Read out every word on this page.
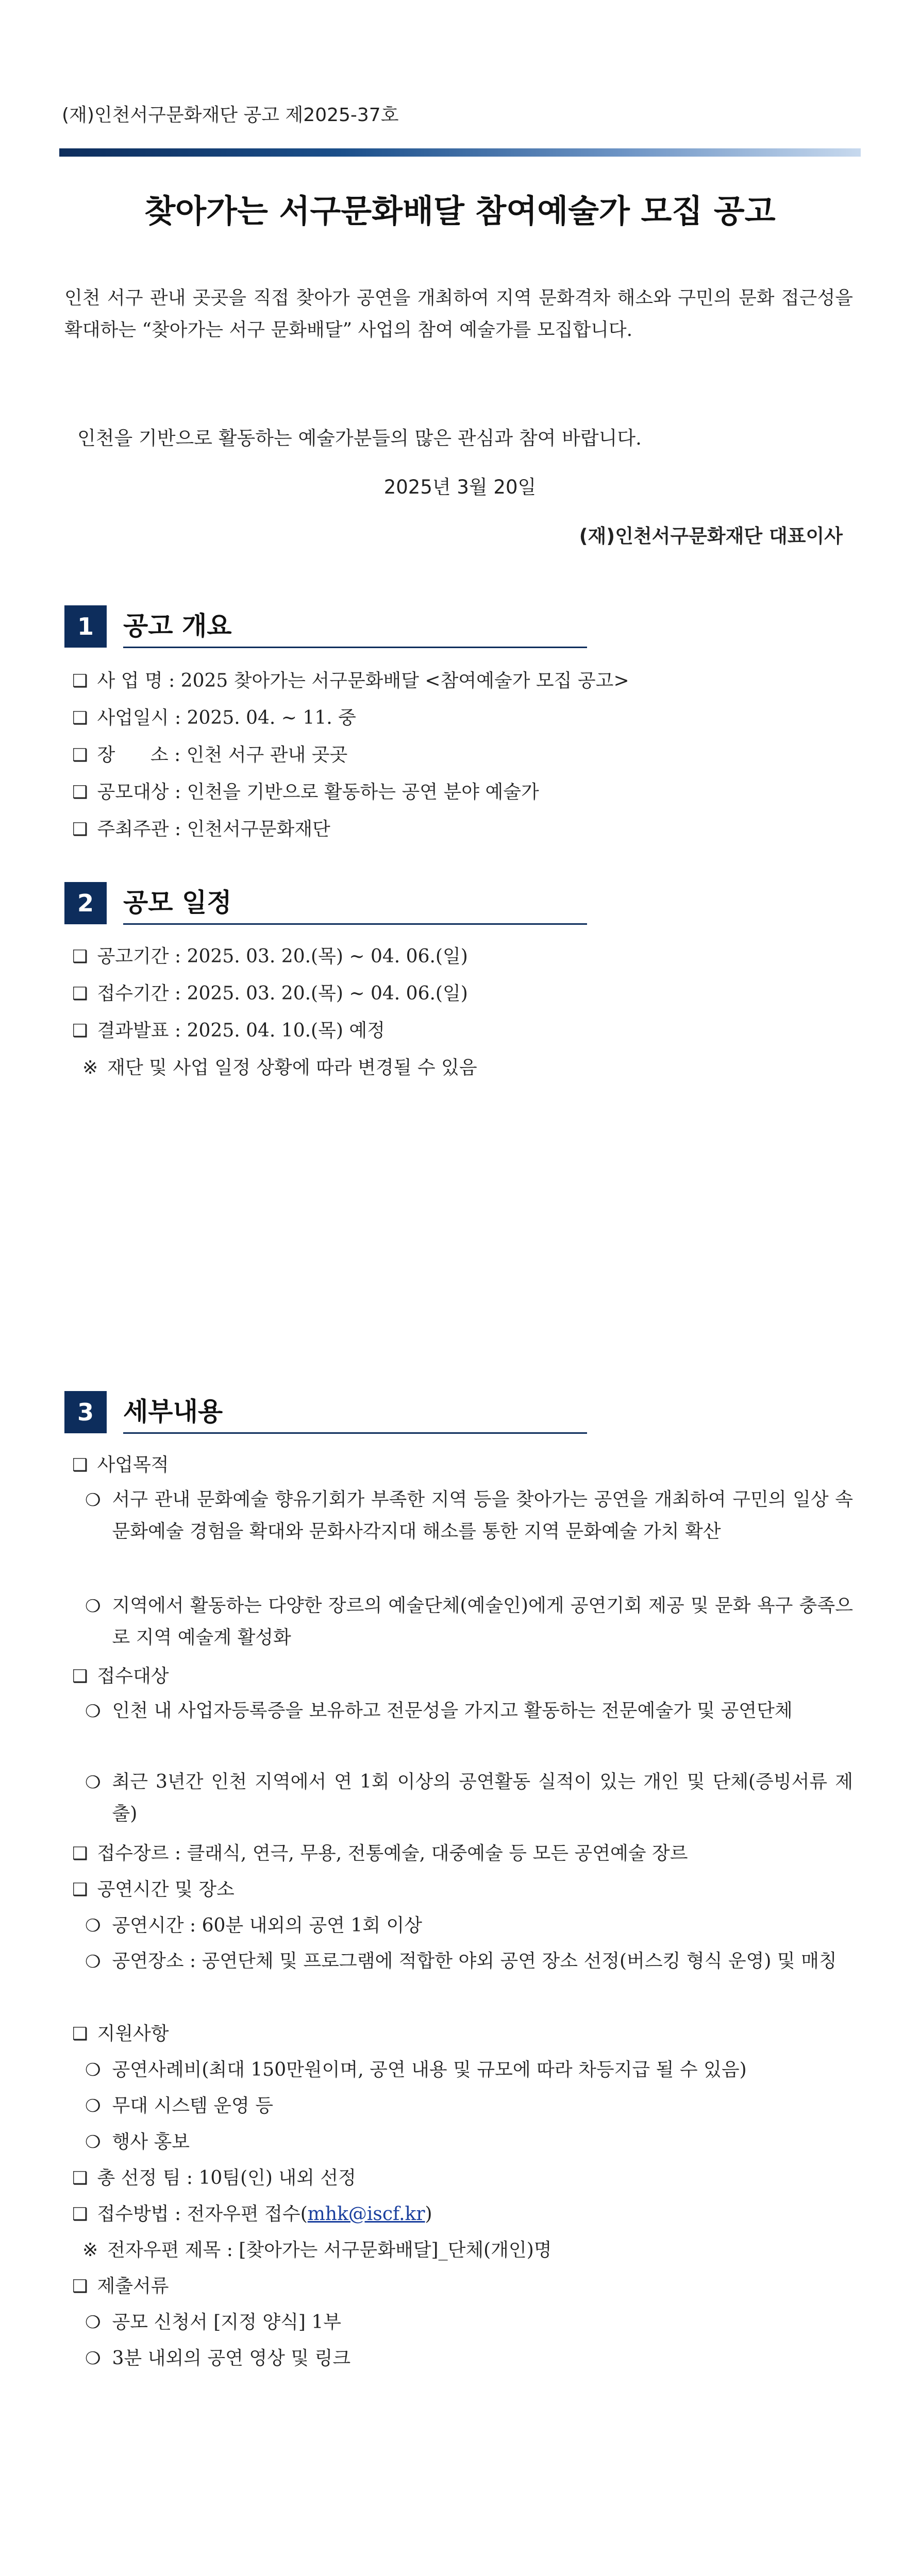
(재)인천서구문화재단 공고 제2025-37호
찾아가는 서구문화배달 참여예술가 모집 공고
인천 서구 관내 곳곳을 직접 찾아가 공연을 개최하여 지역 문화격차 해소와 구민의 문화 접근성을 확대하는 “찾아가는 서구 문화배달” 사업의 참여 예술가를 모집합니다.
인천을 기반으로 활동하는 예술가분들의 많은 관심과 참여 바랍니다.
2025년 3월 20일
(재)인천서구문화재단 대표이사
1	공고 개요
❑ 사 업 명 : 2025 찾아가는 서구문화배달 <참여예술가 모집 공고>
❑ 사업일시 : 2025. 04. ~ 11. 중
❑ 장      소 : 인천 서구 관내 곳곳
❑ 공모대상 : 인천을 기반으로 활동하는 공연 분야 예술가
❑ 주최주관 : 인천서구문화재단
2	공모 일정
❑ 공고기간 : 2025. 03. 20.(목) ~ 04. 06.(일)
❑ 접수기간 : 2025. 03. 20.(목) ~ 04. 06.(일)
❑ 결과발표 : 2025. 04. 10.(목) 예정
※ 재단 및 사업 일정 상황에 따라 변경될 수 있음
3	세부내용
❑ 사업목적
❍ 서구 관내 문화예술 향유기회가 부족한 지역 등을 찾아가는 공연을 개최하여 구민의 일상 속 문화예술 경험을 확대와 문화사각지대 해소를 통한 지역 문화예술 가치 확산
❍ 지역에서 활동하는 다양한 장르의 예술단체(예술인)에게 공연기회 제공 및 문화 욕구 충족으로 지역 예술계 활성화
❑ 접수대상
❍ 인천 내 사업자등록증을 보유하고 전문성을 가지고 활동하는 전문예술가 및 공연단체
❍ 최근 3년간 인천 지역에서 연 1회 이상의 공연활동 실적이 있는 개인 및 단체(증빙서류 제출)
❑ 접수장르 : 클래식, 연극, 무용, 전통예술, 대중예술 등 모든 공연예술 장르
❑ 공연시간 및 장소
❍ 공연시간 : 60분 내외의 공연 1회 이상
❍ 공연장소 : 공연단체 및 프로그램에 적합한 야외 공연 장소 선정(버스킹 형식 운영) 및 매칭
❑ 지원사항
❍ 공연사례비(최대 150만원이며, 공연 내용 및 규모에 따라 차등지급 될 수 있음)
❍ 무대 시스템 운영 등
❍ 행사 홍보
❑ 총 선정 팀 : 10팀(인) 내외 선정
❑ 접수방법 : 전자우편 접수( mhk@iscf.kr )
※ 전자우편 제목 : [찾아가는 서구문화배달]_단체(개인)명
❑ 제출서류
❍ 공모 신청서 [지정 양식] 1부
❍ 3분 내외의 공연 영상 및 링크
